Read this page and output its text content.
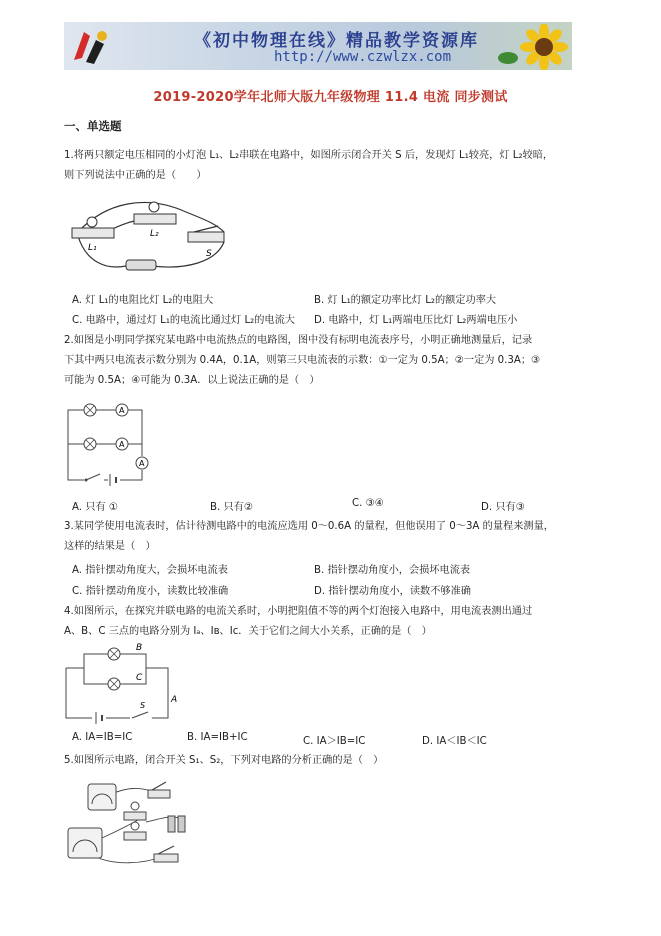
《初中物理在线》精品教学资源库
http://www.czwlzx.com
2019-2020学年北师大版九年级物理 11.4 电流 同步测试
一、单选题
1.将两只额定电压相同的小灯泡 L₁、L₂串联在电路中，如图所示闭合开关 S 后，发现灯 L₁较亮，灯 L₂较暗，
则下列说法中正确的是（　　）
L₁
L₂
S
A. 灯 L₁的电阻比灯 L₂的电阻大	B. 灯 L₁的额定功率比灯 L₂的额定功率大
C. 电路中，通过灯 L₁的电流比通过灯 L₂的电流大 D. 电路中，灯 L₁两端电压比灯 L₂两端电压小
2.如图是小明同学探究某电路中电流热点的电路图，图中没有标明电流表序号，小明正确地测量后，记录
下其中两只电流表示数分别为 0.4A，0.1A，则第三只电流表的示数：①一定为 0.5A；②一定为 0.3A；③
可能为 0.5A；④可能为 0.3A．以上说法正确的是（　）
A
A
A
A. 只有 ①	B. 只有②	C. ③④	D. 只有③
3.某同学使用电流表时，估计待测电路中的电流应选用 0～0.6A 的量程，但他误用了 0～3A 的量程来测量，
这样的结果是（　）
A. 指针摆动角度大，会损坏电流表	B. 指针摆动角度小，会损坏电流表
C. 指针摆动角度小，读数比较准确	D. 指针摆动角度小，读数不够准确
4.如图所示，在探究并联电路的电流关系时，小明把阻值不等的两个灯泡接入电路中，用电流表测出通过
A、B、C 三点的电路分别为 Iₐ、Iʙ、Iᴄ．关于它们之间大小关系，正确的是（　）
B
C
A
S
A. IA=IB=IC	B. IA=IB+IC	C. IA＞IB=IC	D. IA＜IB＜IC
5.如图所示电路，闭合开关 S₁、S₂，下列对电路的分析正确的是（　）
